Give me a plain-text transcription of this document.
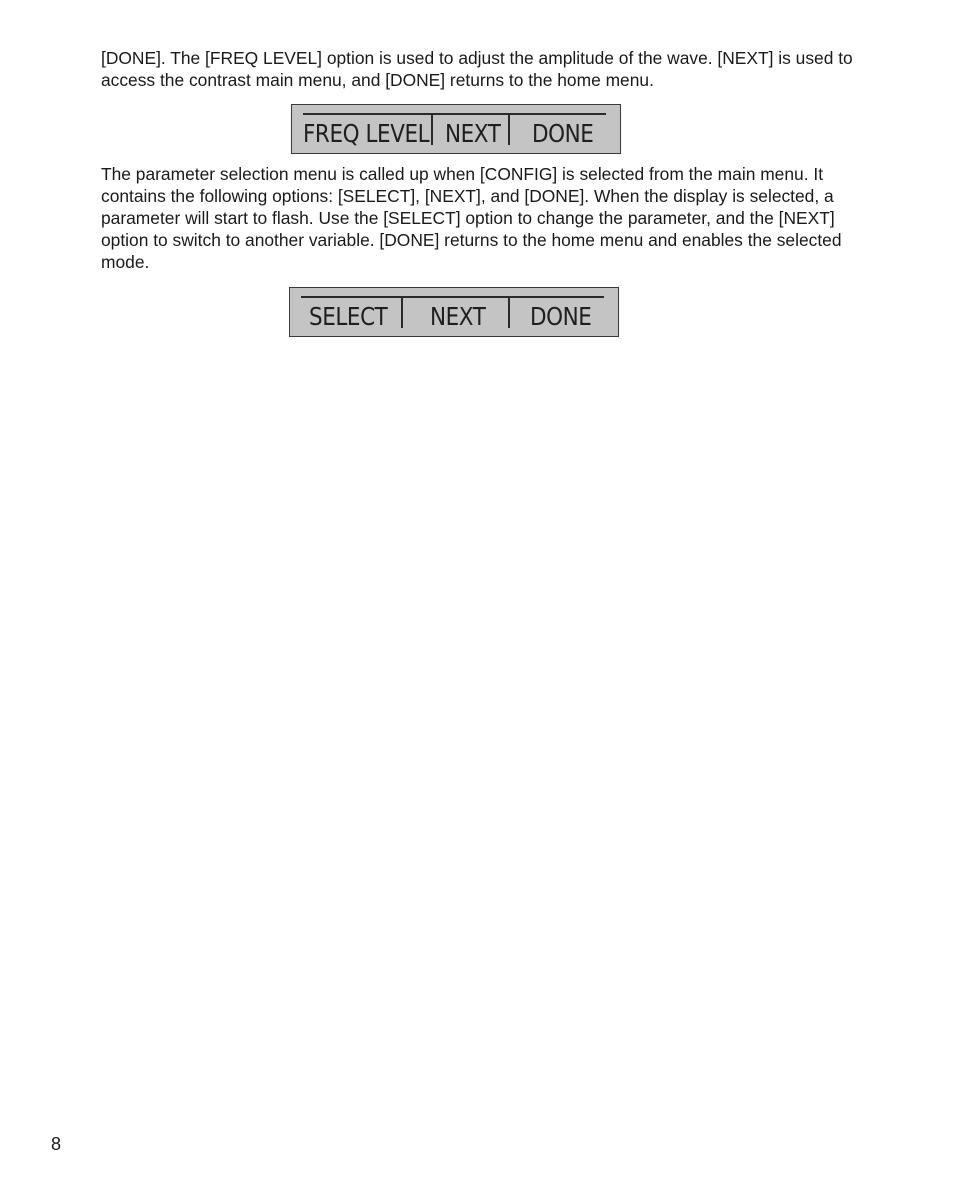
[DONE]. The [FREQ LEVEL] option is used to adjust the amplitude of the wave. [NEXT] is used to access the contrast main menu, and [DONE] returns to the home menu.

FREQ LEVEL NEXT DONE

The parameter selection menu is called up when [CONFIG] is selected from the main menu. It contains the following options: [SELECT], [NEXT], and [DONE]. When the display is selected, a parameter will start to flash. Use the [SELECT] option to change the parameter, and the [NEXT] option to switch to another variable. [DONE] returns to the home menu and enables the selected mode.

SELECT NEXT DONE
8
